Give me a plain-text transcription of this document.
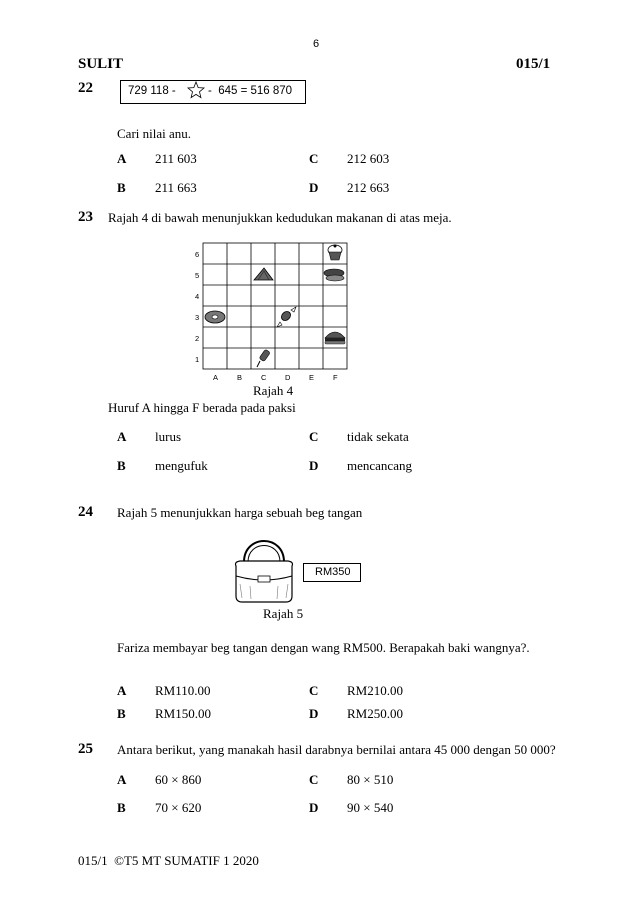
6
SULIT	015/1
22	729 118 -	-  645 = 516 870
Cari nilai anu.
A 211 603	C 212 603
B 211 663	D 212 663
23 Rajah 4 di bawah menunjukkan kedudukan makanan di atas meja.
6
5
4
3
2
1
A	B	C D E	F
Rajah 4
Huruf A hingga F berada pada paksi
A lurus	C tidak sekata
B mengufuk	D mencancang
24 Rajah 5 menunjukkan harga sebuah beg tangan
RM350
Rajah 5
Fariza membayar beg tangan dengan wang RM500. Berapakah baki wangnya?.
A RM110.00	C RM210.00
B RM150.00	D RM250.00
25 Antara berikut, yang manakah hasil darabnya bernilai antara 45 000 dengan 50 000?
A 60 × 860	C 80 × 510
B 70 × 620	D 90 × 540
015/1  ©T5 MT SUMATIF 1 2020
